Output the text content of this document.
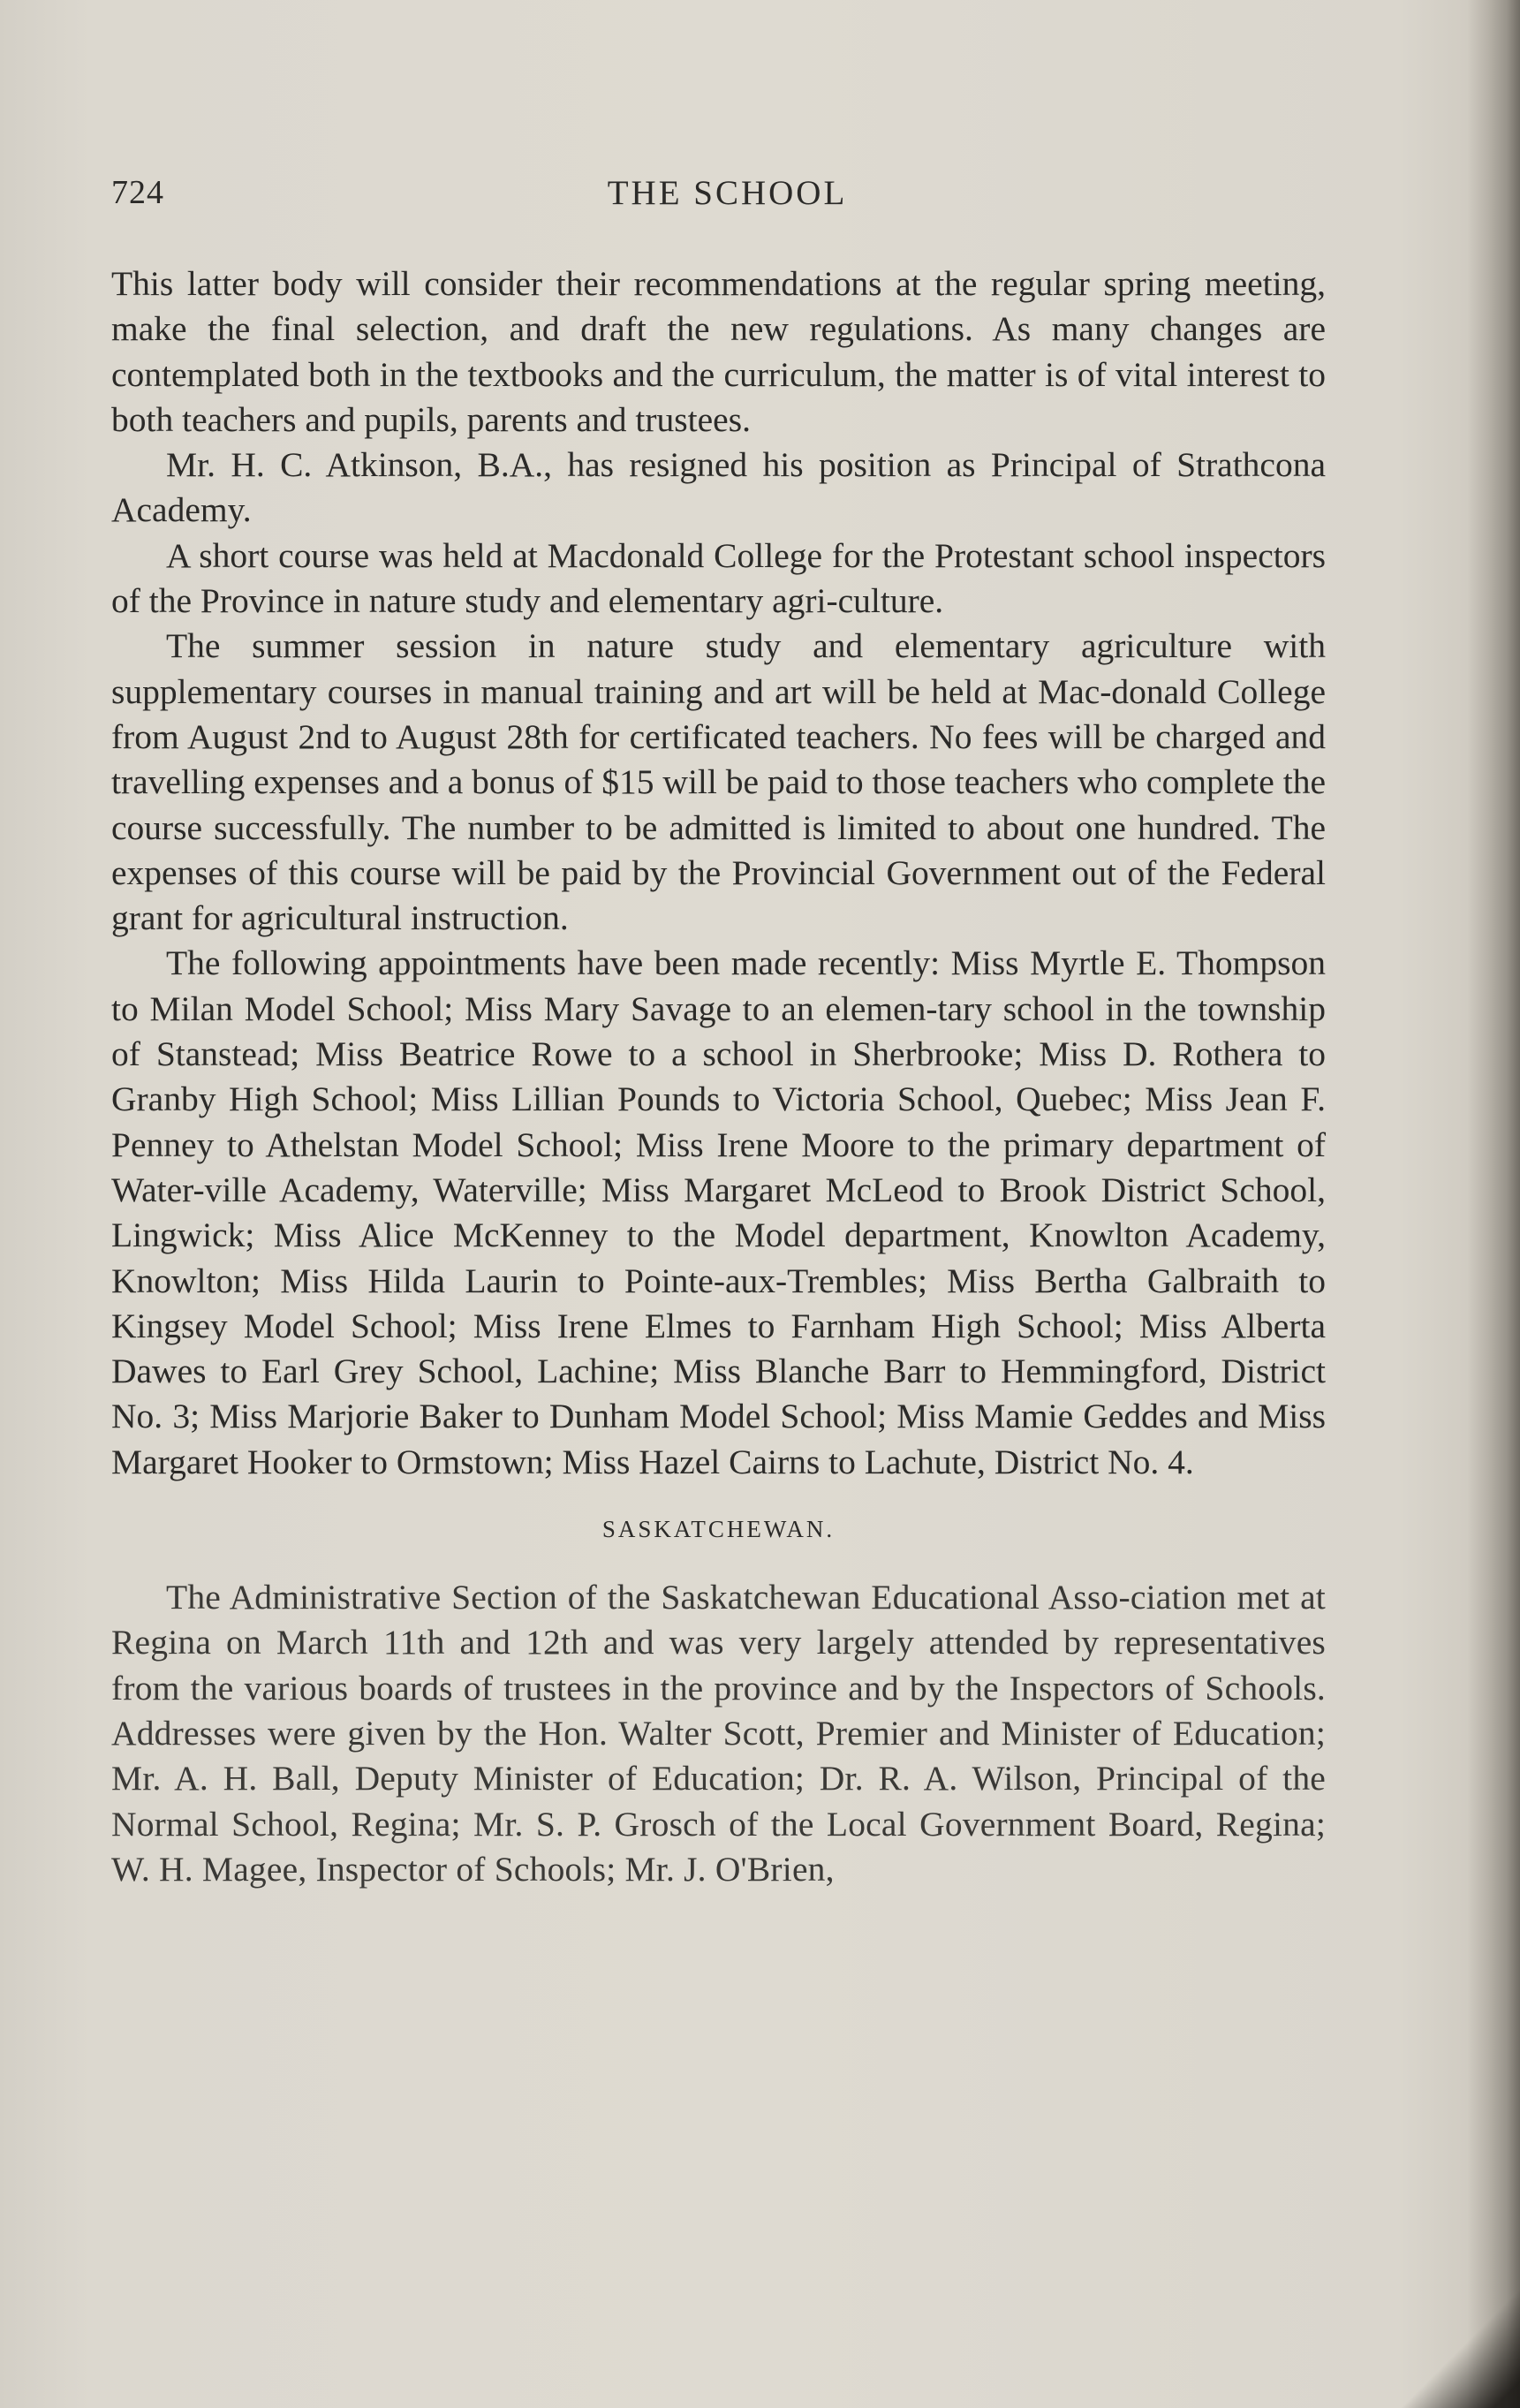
724	THE SCHOOL

This latter body will consider their recommendations at the regular spring meeting, make the final selection, and draft the new regulations. As many changes are contemplated both in the textbooks and the curriculum, the matter is of vital interest to both teachers and pupils, parents and trustees.

Mr. H. C. Atkinson, B.A., has resigned his position as Principal of Strathcona Academy.

A short course was held at Macdonald College for the Protestant school inspectors of the Province in nature study and elementary agri-culture.

The summer session in nature study and elementary agriculture with supplementary courses in manual training and art will be held at Mac-donald College from August 2nd to August 28th for certificated teachers. No fees will be charged and travelling expenses and a bonus of $15 will be paid to those teachers who complete the course successfully. The number to be admitted is limited to about one hundred. The expenses of this course will be paid by the Provincial Government out of the Federal grant for agricultural instruction.

The following appointments have been made recently: Miss Myrtle E. Thompson to Milan Model School; Miss Mary Savage to an elemen-tary school in the township of Stanstead; Miss Beatrice Rowe to a school in Sherbrooke; Miss D. Rothera to Granby High School; Miss Lillian Pounds to Victoria School, Quebec; Miss Jean F. Penney to Athelstan Model School; Miss Irene Moore to the primary department of Water-ville Academy, Waterville; Miss Margaret McLeod to Brook District School, Lingwick; Miss Alice McKenney to the Model department, Knowlton Academy, Knowlton; Miss Hilda Laurin to Pointe-aux-Trembles; Miss Bertha Galbraith to Kingsey Model School; Miss Irene Elmes to Farnham High School; Miss Alberta Dawes to Earl Grey School, Lachine; Miss Blanche Barr to Hemmingford, District No. 3; Miss Marjorie Baker to Dunham Model School; Miss Mamie Geddes and Miss Margaret Hooker to Ormstown; Miss Hazel Cairns to Lachute, District No. 4.

SASKATCHEWAN.

The Administrative Section of the Saskatchewan Educational Asso-ciation met at Regina on March 11th and 12th and was very largely attended by representatives from the various boards of trustees in the province and by the Inspectors of Schools. Addresses were given by the Hon. Walter Scott, Premier and Minister of Education; Mr. A. H. Ball, Deputy Minister of Education; Dr. R. A. Wilson, Principal of the Normal School, Regina; Mr. S. P. Grosch of the Local Government Board, Regina; W. H. Magee, Inspector of Schools; Mr. J. O'Brien,
